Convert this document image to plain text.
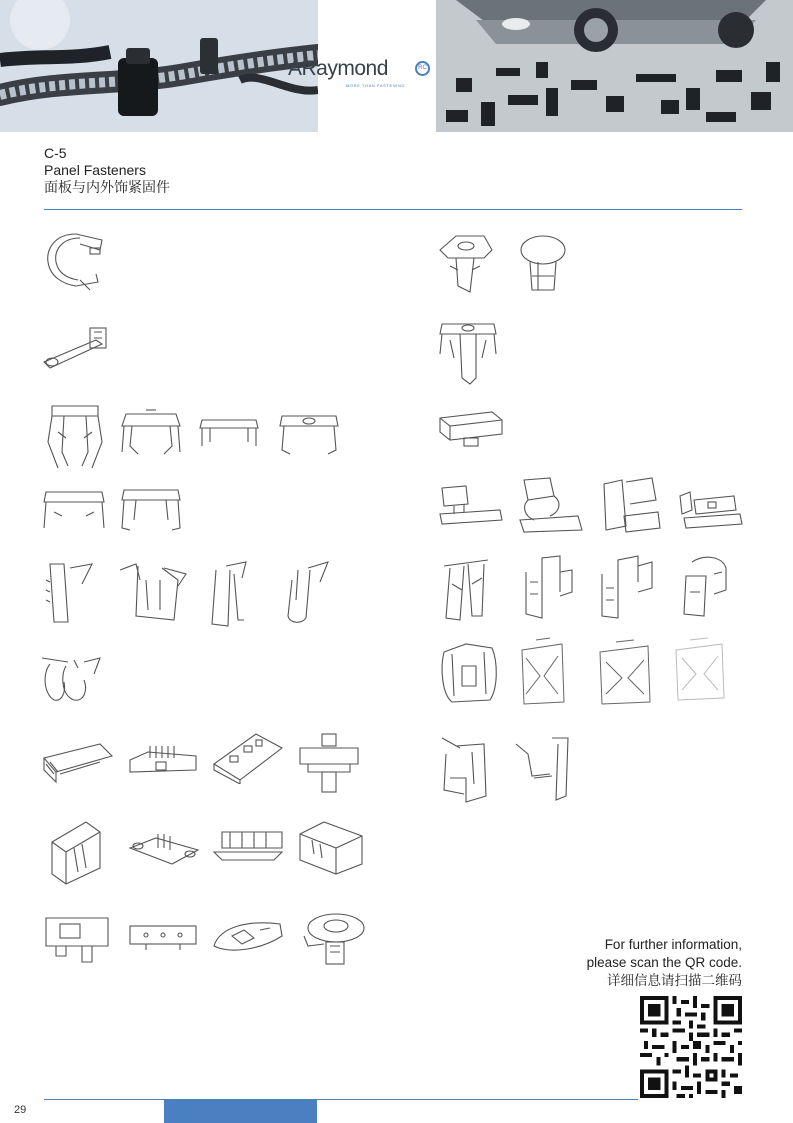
ARaymond	RC
MORE THAN FASTENING
C-5
Panel Fasteners
面板与内外饰紧固件
For further information,
please scan the QR code.
详细信息请扫描二维码
29
